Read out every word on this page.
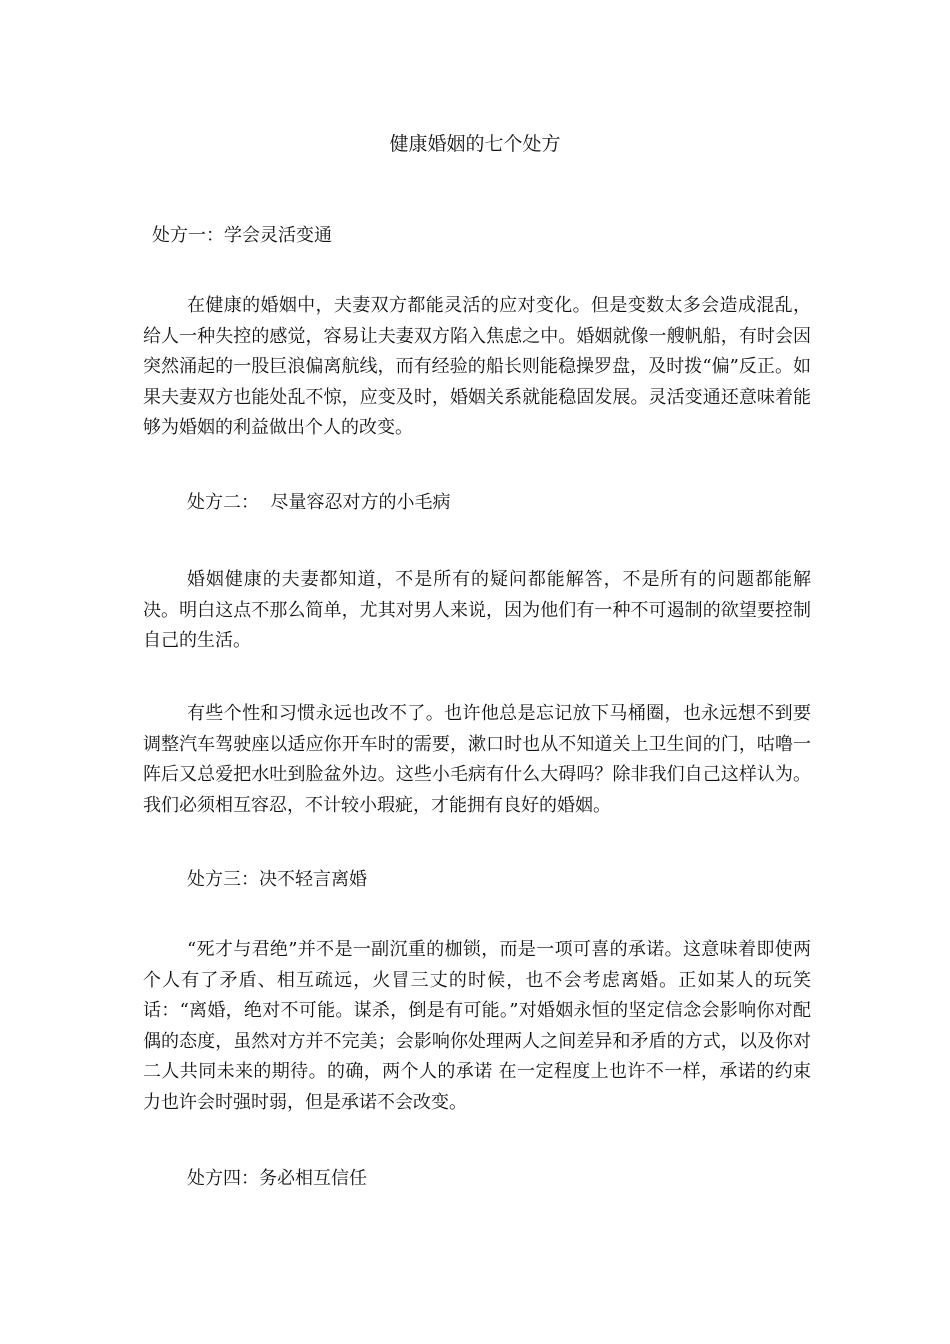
健康婚姻的七个处方
处方一：学会灵活变通

在健康的婚姻中，夫妻双方都能灵活的应对变化。但是变数太多会造成混乱，给人一种失控的感觉，容易让夫妻双方陷入焦虑之中。婚姻就像一艘帆船，有时会因突然涌起的一股巨浪偏离航线，而有经验的船长则能稳操罗盘，及时拨“偏”反正。如果夫妻双方也能处乱不惊，应变及时，婚姻关系就能稳固发展。灵活变通还意味着能够为婚姻的利益做出个人的改变。

处方二：  尽量容忍对方的小毛病

婚姻健康的夫妻都知道，不是所有的疑问都能解答，不是所有的问题都能解决。明白这点不那么简单，尤其对男人来说，因为他们有一种不可遏制的欲望要控制自己的生活。

有些个性和习惯永远也改不了。也许他总是忘记放下马桶圈，也永远想不到要调整汽车驾驶座以适应你开车时的需要，漱口时也从不知道关上卫生间的门，咕噜一阵后又总爱把水吐到脸盆外边。这些小毛病有什么大碍吗？除非我们自己这样认为。我们必须相互容忍，不计较小瑕疵，才能拥有良好的婚姻。

处方三：决不轻言离婚

“死才与君绝”并不是一副沉重的枷锁，而是一项可喜的承诺。这意味着即使两个人有了矛盾、相互疏远，火冒三丈的时候，也不会考虑离婚。正如某人的玩笑话：“离婚，绝对不可能。谋杀，倒是有可能。”对婚姻永恒的坚定信念会影响你对配偶的态度，虽然对方并不完美；会影响你处理两人之间差异和矛盾的方式，以及你对二人共同未来的期待。的确，两个人的承诺 在一定程度上也许不一样，承诺的约束力也许会时强时弱，但是承诺不会改变。

处方四：务必相互信任
